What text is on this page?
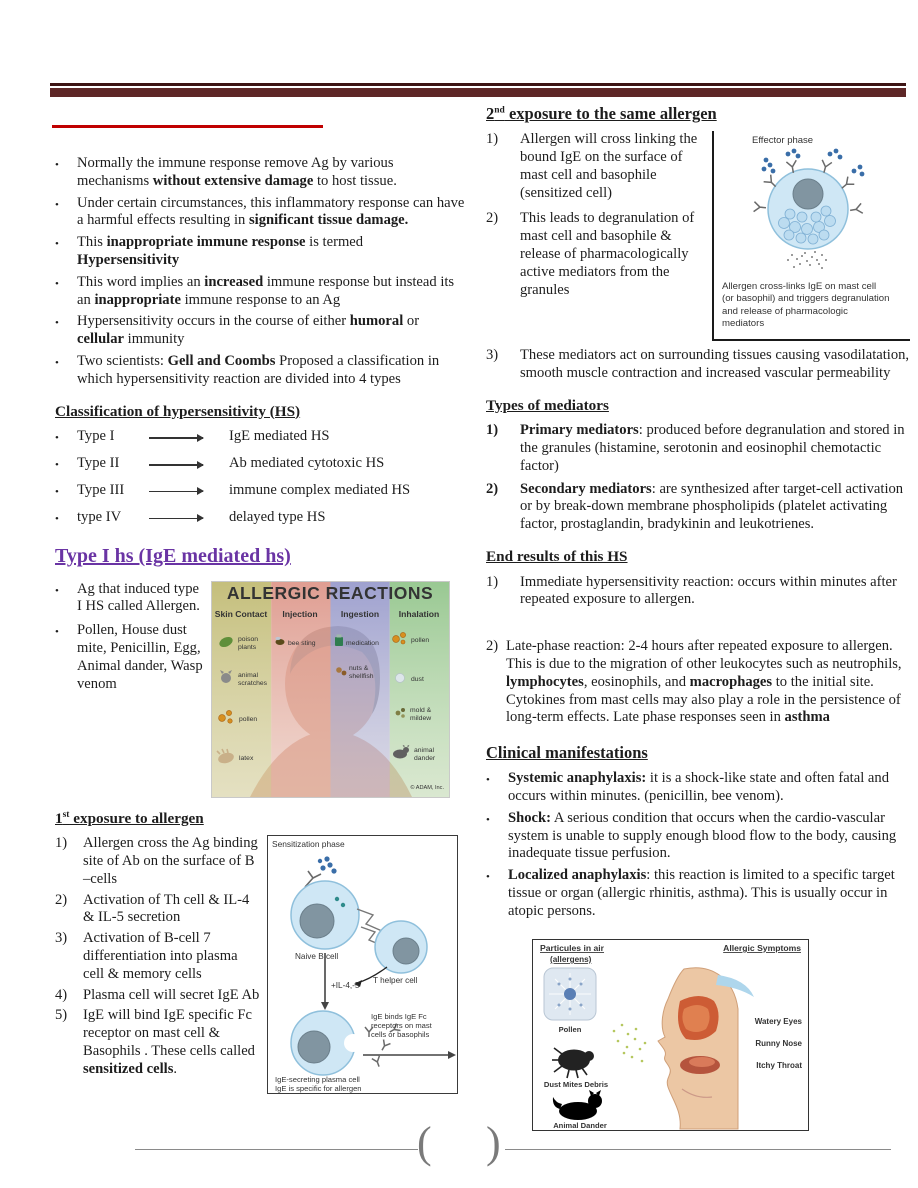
•
Normally the immune response remove Ag by various mechanisms without extensive damage to host tissue.
•
Under certain circumstances, this inflammatory response can have a harmful effects resulting in significant tissue damage.
•
This inappropriate immune response is termed Hypersensitivity
•
This word implies an increased immune response but instead its an inappropriate immune response to an Ag
•
Hypersensitivity occurs in the course of either humoral or cellular immunity
•
Two scientists: Gell and Coombs Proposed a classification in which hypersensitivity reaction are divided into 4 types
Classification of hypersensitivity (HS)
•
Type I	IgE mediated HS
•
Type II	Ab mediated cytotoxic HS
•
Type III	immune complex mediated HS
•
type IV	delayed type HS
Type I hs (IgE mediated hs)
•
Ag that induced type I HS called Allergen.
•
Pollen, House dust mite, Penicillin, Egg, Animal dander, Wasp venom
ALLERGIC REACTIONS
Skin Contact Injection	Ingestion Inhalation
poison
plants
animal
scratches
pollen
latex
bee sting	medication
nuts &
shellfish
pollen
dust
mold &
mildew
animal
dander
© ADAM, Inc.
1st exposure to allergen
1)	Allergen cross the Ag binding site of Ab on the surface of B –cells
2)	Activation of Th cell & IL-4 & IL-5 secretion
3)	Activation of B-cell 7 differentiation into plasma cell & memory cells
4)	Plasma cell will secret IgE Ab
5)	IgE will bind IgE specific Fc receptor on mast cell & Basophils . These cells called sensitized cells.
Sensitization phase
Naive B cell
+IL-4,-5
T helper cell
IgE binds IgE Fc
receptors on mast
cells or basophils
IgE-secreting plasma cell
IgE is specific for allergen
2nd exposure to the same allergen
1)	Allergen will cross linking the bound IgE on the surface of mast cell and basophile (sensitized cell)
2)	This leads to degranulation of mast cell and basophile & release of pharmacologically active mediators from the granules
Effector phase
Allergen cross-links IgE on mast cell (or basophil) and triggers degranulation and release of pharmacologic mediators
3)	These mediators act on surrounding tissues causing vasodilatation, smooth muscle contraction and increased vascular permeability
Types of mediators
1)	Primary mediators: produced before degranulation and stored in the granules (histamine, serotonin and eosinophil chemotactic factor)
2)	Secondary mediators: are synthesized after target-cell activation or by break-down membrane phospholipids (platelet activating factor, prostaglandin, bradykinin and leukotrienes.
End results of this HS
1)	Immediate hypersensitivity reaction: occurs within minutes after repeated exposure to allergen.
2) Late-phase reaction: 2-4 hours after repeated exposure to allergen. This is due to the migration of other leukocytes such as neutrophils, lymphocytes, eosinophils, and macrophages to the initial site. Cytokines from mast cells may also play a role in the persistence of long-term effects. Late phase responses seen in asthma
Clinical manifestations
•
Systemic anaphylaxis: it is a shock-like state and often fatal and occurs within minutes. (penicillin, bee venom).
•
Shock: A serious condition that occurs when the cardio-vascular system is unable to supply enough blood flow to the body, causing inadequate tissue perfusion.
•
Localized anaphylaxis: this reaction is limited to a specific target tissue or organ (allergic rhinitis, asthma). This is usually occur in atopic persons.
Particules in air
(allergens)
Allergic Symptoms
Pollen
Dust Mites Debris
Animal Dander
Watery Eyes
Runny Nose
Itchy Throat
( )
